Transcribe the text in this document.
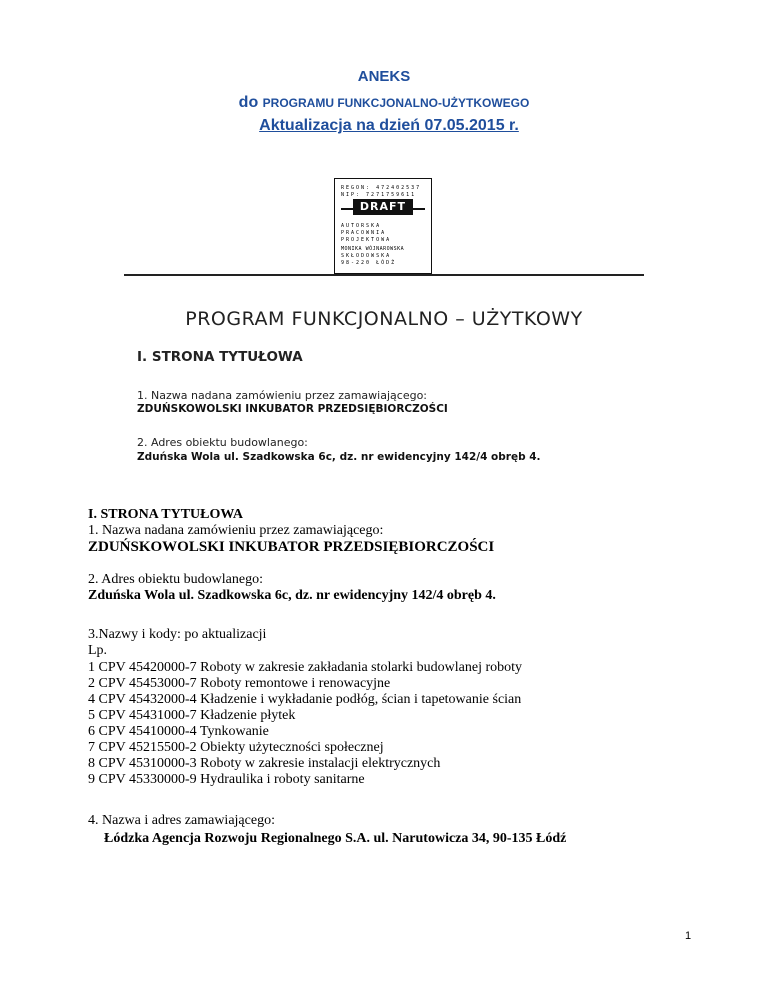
ANEKS
do PROGRAMU FUNKCJONALNO-UŻYTKOWEGO
Aktualizacja na dzień 07.05.2015 r.
REGON: 472402537
NIP: 7271759611
DRAFT
AUTORSKA
PRACOWNIA
PROJEKTOWA
MONIKA WÓJNAROWSKA
SKŁODOWSKA
98-220 ŁÓDŹ
PROGRAM FUNKCJONALNO – UŻYTKOWY
I. STRONA TYTUŁOWA
1. Nazwa nadana zamówieniu przez zamawiającego:
ZDUŃSKOWOLSKI INKUBATOR PRZEDSIĘBIORCZOŚCI
2. Adres obiektu budowlanego:
Zduńska Wola ul. Szadkowska 6c, dz. nr ewidencyjny 142/4 obręb 4.
I. STRONA TYTUŁOWA
1. Nazwa nadana zamówieniu przez zamawiającego:
ZDUŃSKOWOLSKI INKUBATOR PRZEDSIĘBIORCZOŚCI
2. Adres obiektu budowlanego:
Zduńska Wola ul. Szadkowska 6c, dz. nr ewidencyjny 142/4 obręb 4.
3.Nazwy i kody: po aktualizacji
Lp.
1 CPV 45420000-7 Roboty w zakresie zakładania stolarki budowlanej roboty
2 CPV 45453000-7 Roboty remontowe i renowacyjne
4 CPV 45432000-4 Kładzenie i wykładanie podłóg, ścian i tapetowanie ścian
5 CPV 45431000-7 Kładzenie płytek
6 CPV 45410000-4 Tynkowanie
7 CPV 45215500-2 Obiekty użyteczności społecznej
8 CPV 45310000-3 Roboty w zakresie instalacji elektrycznych
9 CPV 45330000-9 Hydraulika i roboty sanitarne
4. Nazwa i adres zamawiającego:
Łódzka Agencja Rozwoju Regionalnego S.A. ul. Narutowicza 34, 90-135 Łódź
1
